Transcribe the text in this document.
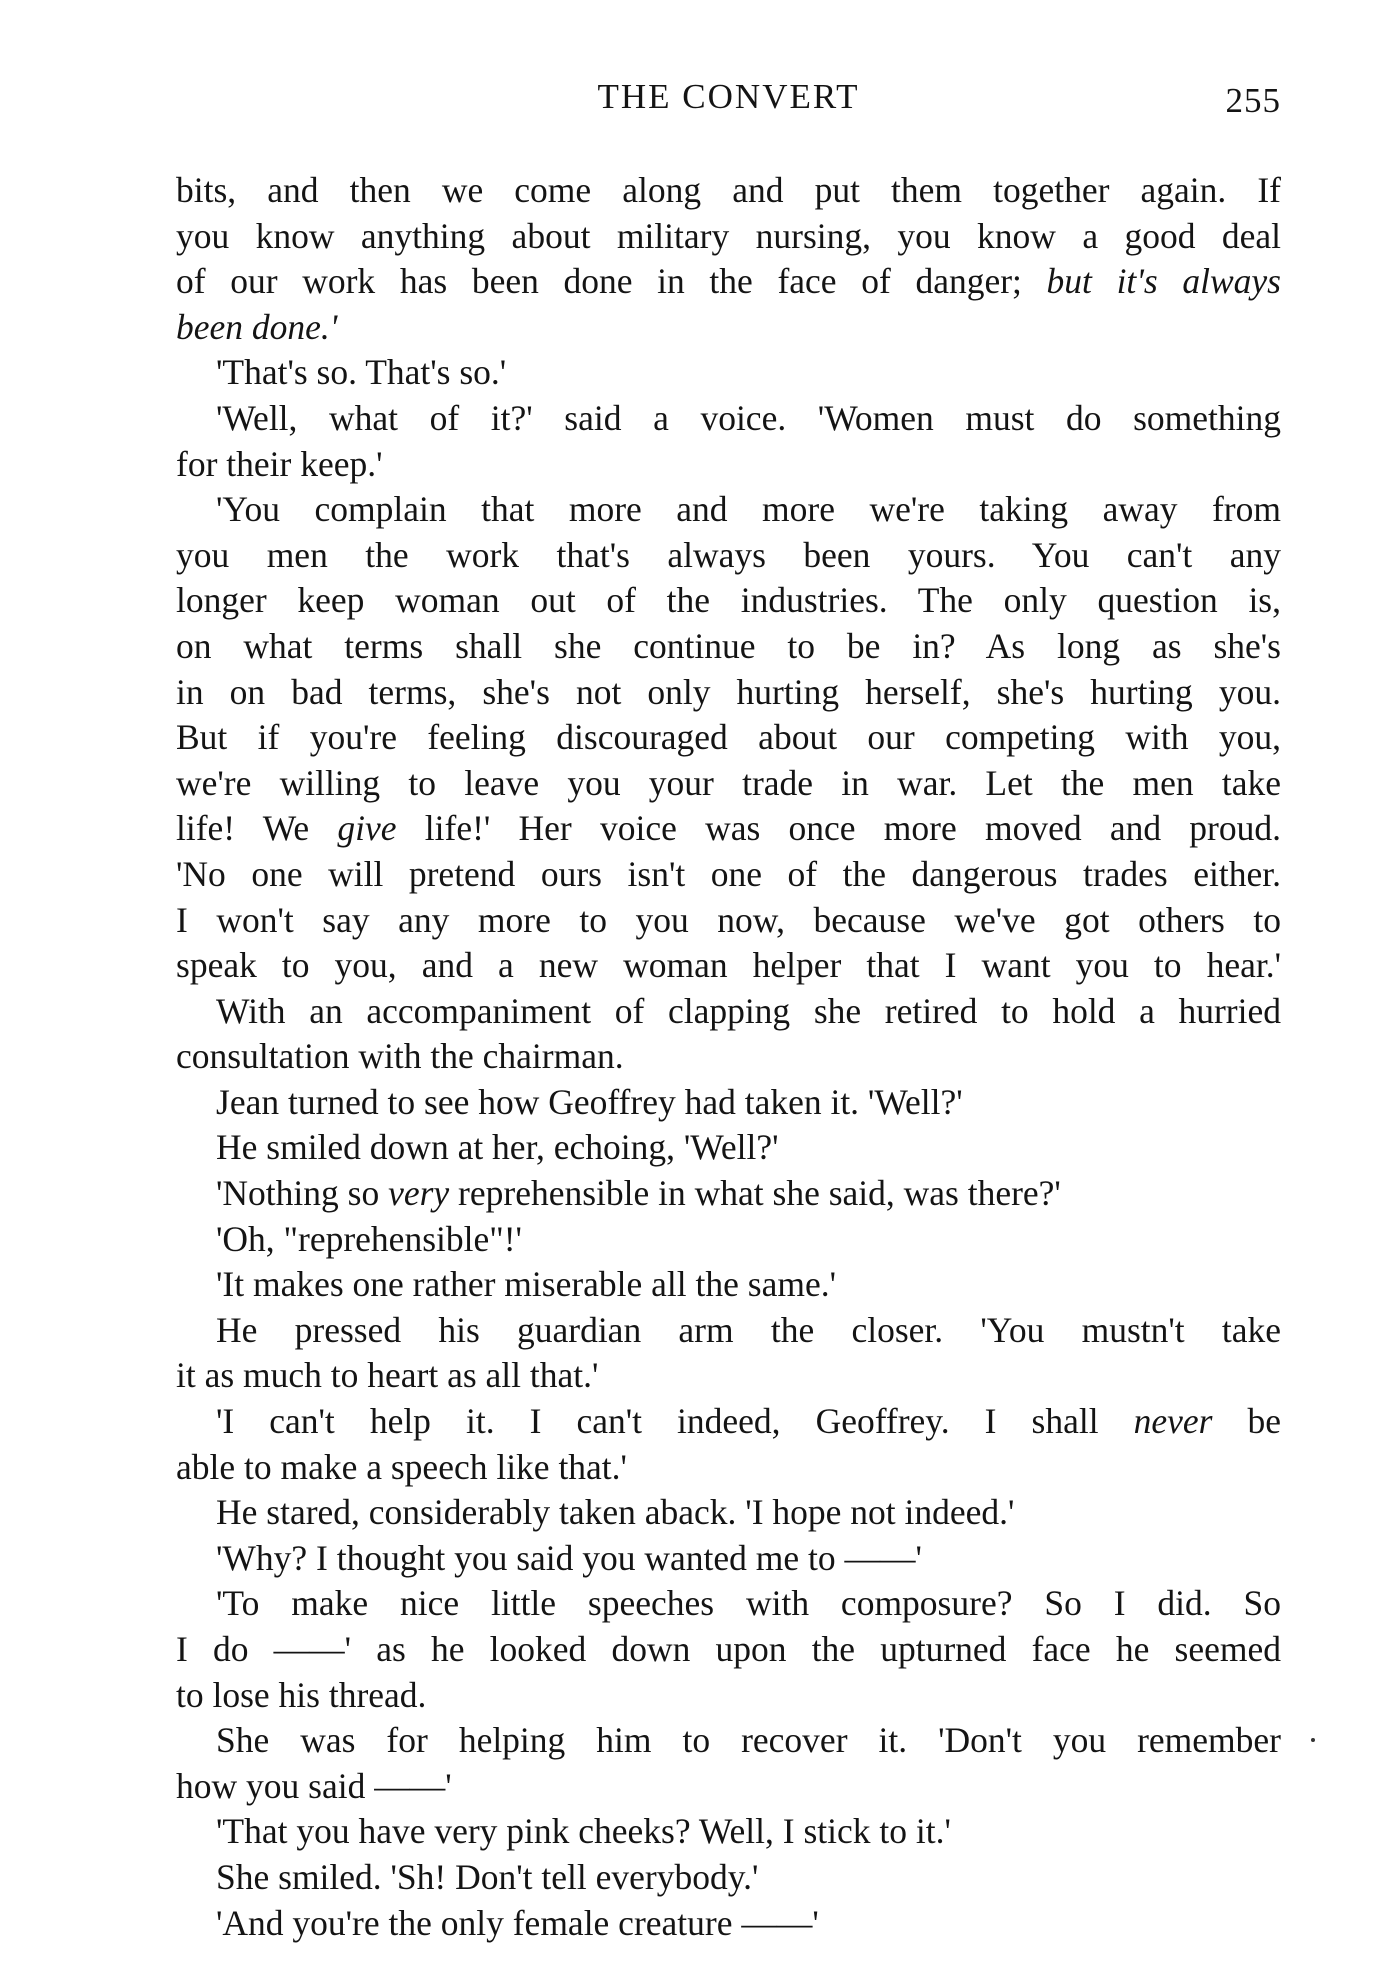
THE CONVERT	255
bits, and then we come along and put them together again. If
you know anything about military nursing, you know a good deal
of our work has been done in the face of danger; but it's always
been done.'
'That's so. That's so.'
'Well, what of it?' said a voice. 'Women must do something
for their keep.'
'You complain that more and more we're taking away from
you men the work that's always been yours. You can't any
longer keep woman out of the industries. The only question is,
on what terms shall she continue to be in? As long as she's
in on bad terms, she's not only hurting herself, she's hurting you.
But if you're feeling discouraged about our competing with you,
we're willing to leave you your trade in war. Let the men take
life! We give life!' Her voice was once more moved and proud.
'No one will pretend ours isn't one of the dangerous trades either.
I won't say any more to you now, because we've got others to
speak to you, and a new woman helper that I want you to hear.'
With an accompaniment of clapping she retired to hold a hurried
consultation with the chairman.
Jean turned to see how Geoffrey had taken it. 'Well?'
He smiled down at her, echoing, 'Well?'
'Nothing so very reprehensible in what she said, was there?'
'Oh, "reprehensible"!'
'It makes one rather miserable all the same.'
He pressed his guardian arm the closer. 'You mustn't take
it as much to heart as all that.'
'I can't help it. I can't indeed, Geoffrey. I shall never be
able to make a speech like that.'
He stared, considerably taken aback. 'I hope not indeed.'
'Why? I thought you said you wanted me to ——'
'To make nice little speeches with composure? So I did. So
I do ——' as he looked down upon the upturned face he seemed
to lose his thread.
She was for helping him to recover it. 'Don't you remember
how you said ——'
'That you have very pink cheeks? Well, I stick to it.'
She smiled. 'Sh! Don't tell everybody.'
'And you're the only female creature ——'
